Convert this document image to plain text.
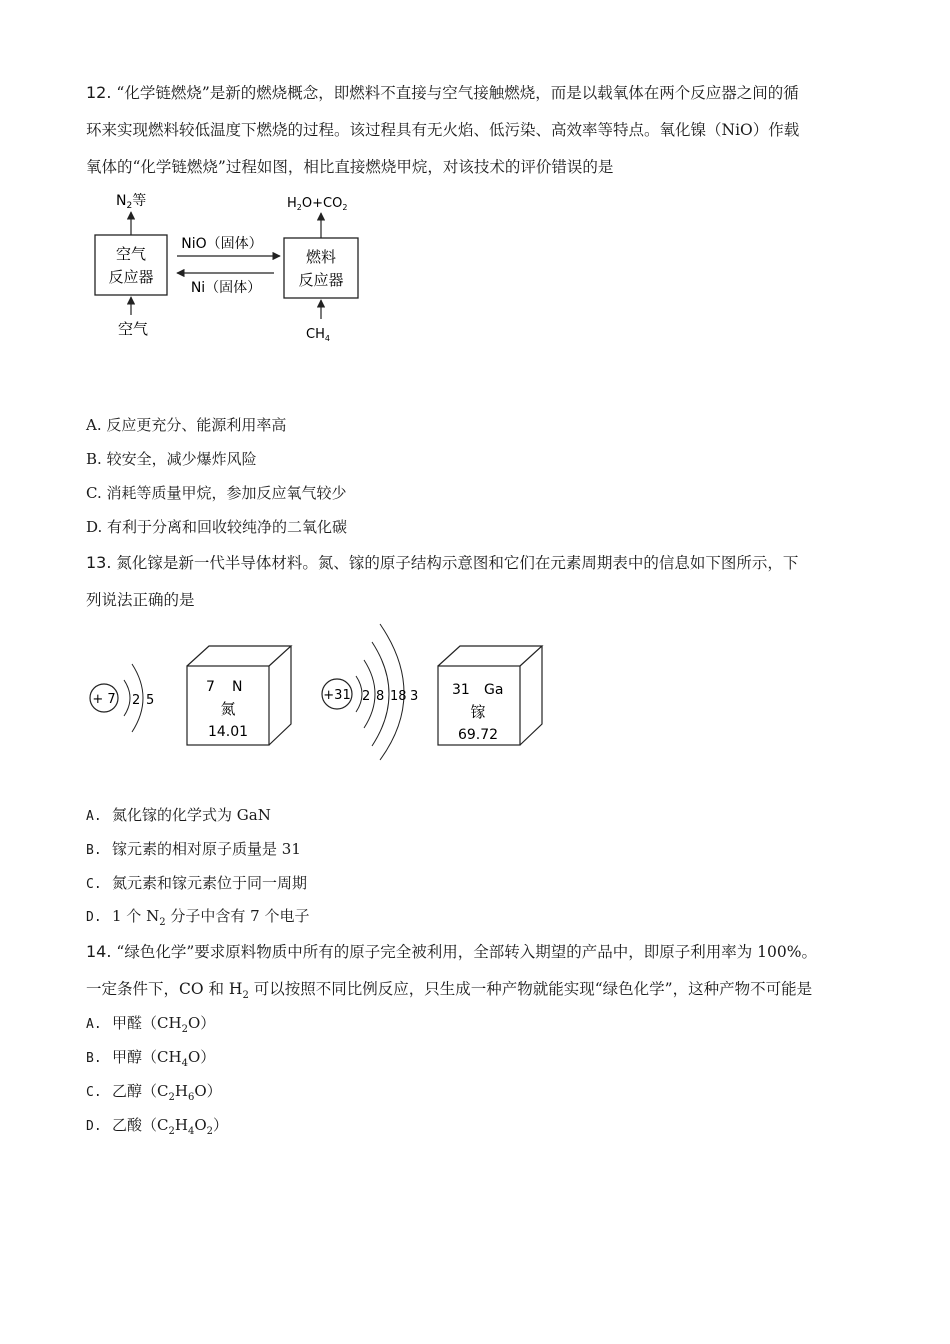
12. “化学链燃烧”是新的燃烧概念，即燃料不直接与空气接触燃烧，而是以载氧体在两个反应器之间的循
环来实现燃料较低温度下燃烧的过程。该过程具有无火焰、低污染、高效率等特点。氧化镍（NiO）作载
氧体的“化学链燃烧”过程如图，相比直接燃烧甲烷，对该技术的评价错误的是
空气
反应器
燃料
反应器
NiO（固体）
Ni（固体）
$N_2$等	$H_2O+CO_2$
空气	$CH_4$
A. 反应更充分、能源利用率高
B. 较安全，减少爆炸风险
C. 消耗等质量甲烷，参加反应氧气较少
D. 有利于分离和回收较纯净的二氧化碳
13. 氮化镓是新一代半导体材料。氮、镓的原子结构示意图和它们在元素周期表中的信息如下图所示，下
列说法正确的是
+ 7 2 5
7 N
氮
14.01
+31 2 8 18 3 31 Ga
镓
69.72
A. 氮化镓的化学式为 GaN
B. 镓元素的相对原子质量是 31
C. 氮元素和镓元素位于同一周期
D. 1 个 $N_2$ 分子中含有 7 个电子
14. “绿色化学”要求原料物质中所有的原子完全被利用，全部转入期望的产品中，即原子利用率为 100%。
一定条件下，CO 和 $H_2$ 可以按照不同比例反应，只生成一种产物就能实现“绿色化学”，这种产物不可能是
A. 甲醛$(CH_2O)$
B. 甲醇$(CH_4O)$
C. 乙醇$(C_2H_6O)$
D. 乙酸$(C_2H_4O_2)$
